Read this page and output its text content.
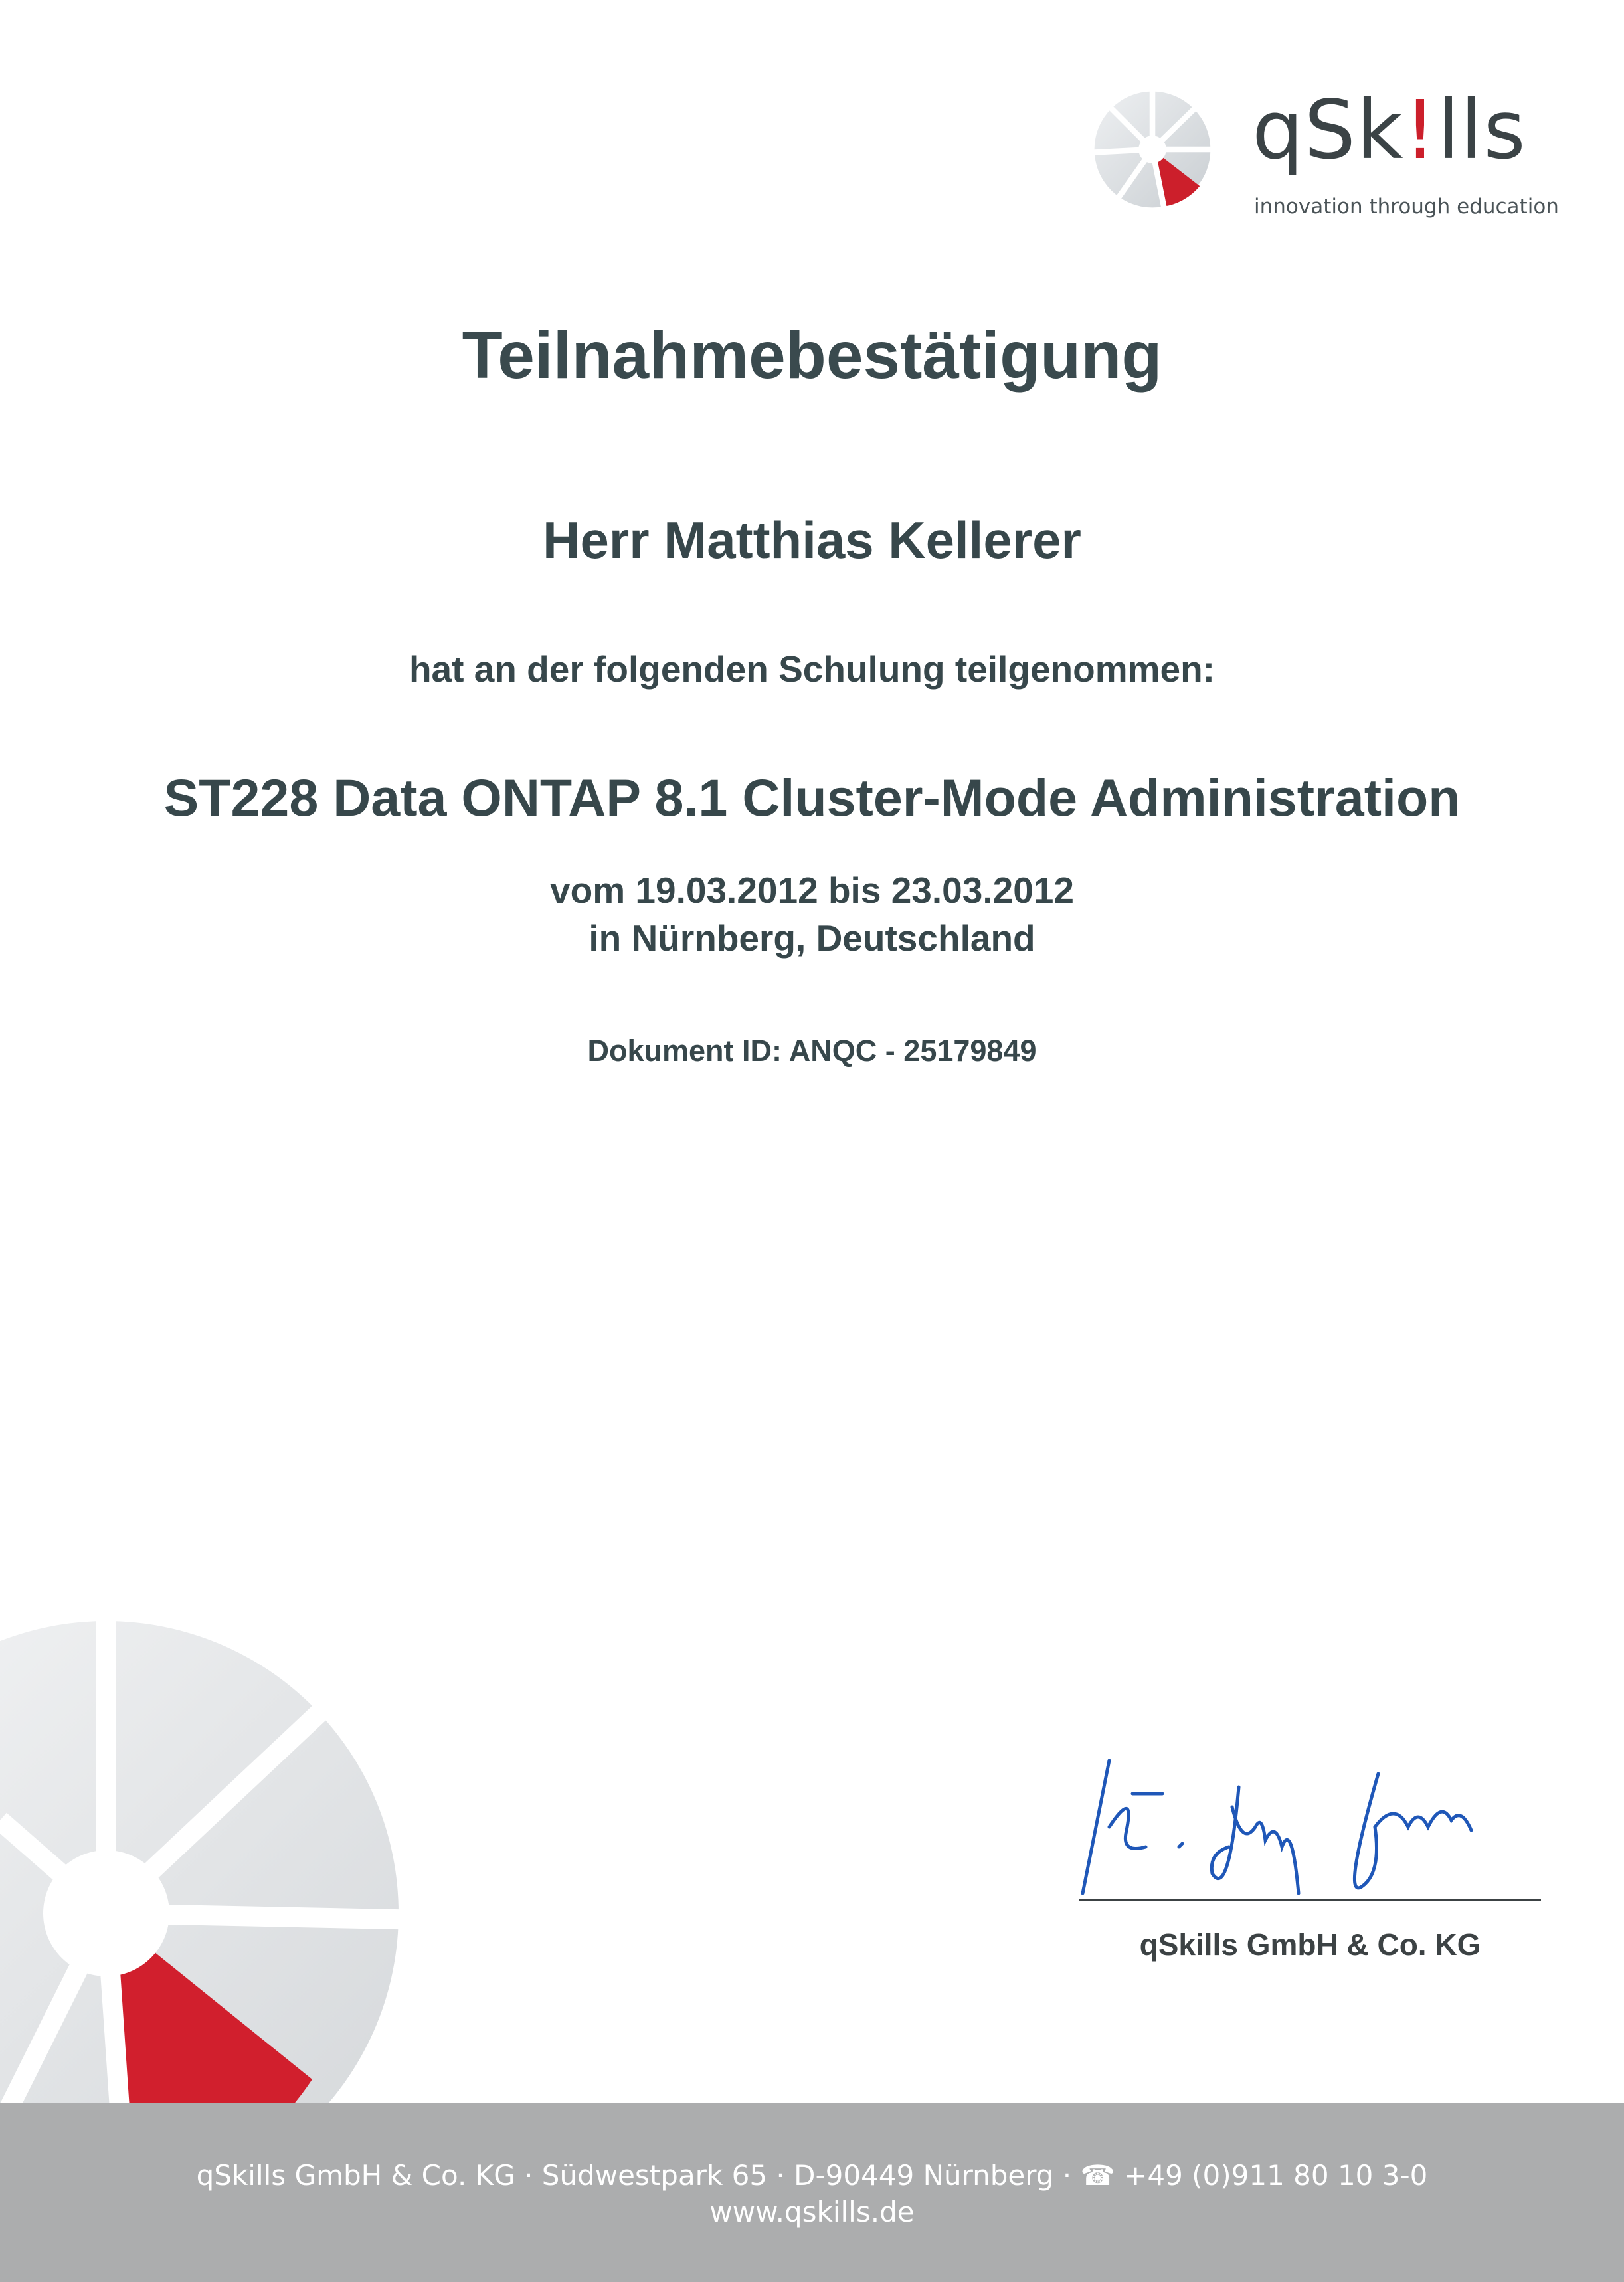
qSk!lls
innovation through education
Teilnahmebestätigung
Herr Matthias Kellerer
hat an der folgenden Schulung teilgenommen:
ST228 Data ONTAP 8.1 Cluster-Mode Administration
vom 19.03.2012 bis 23.03.2012
in Nürnberg, Deutschland
Dokument ID: ANQC - 25179849
qSkills GmbH & Co. KG
qSkills GmbH & Co. KG · Südwestpark 65 · D-90449 Nürnberg · ☎ +49 (0)911 80 10 3-0
www.qskills.de
